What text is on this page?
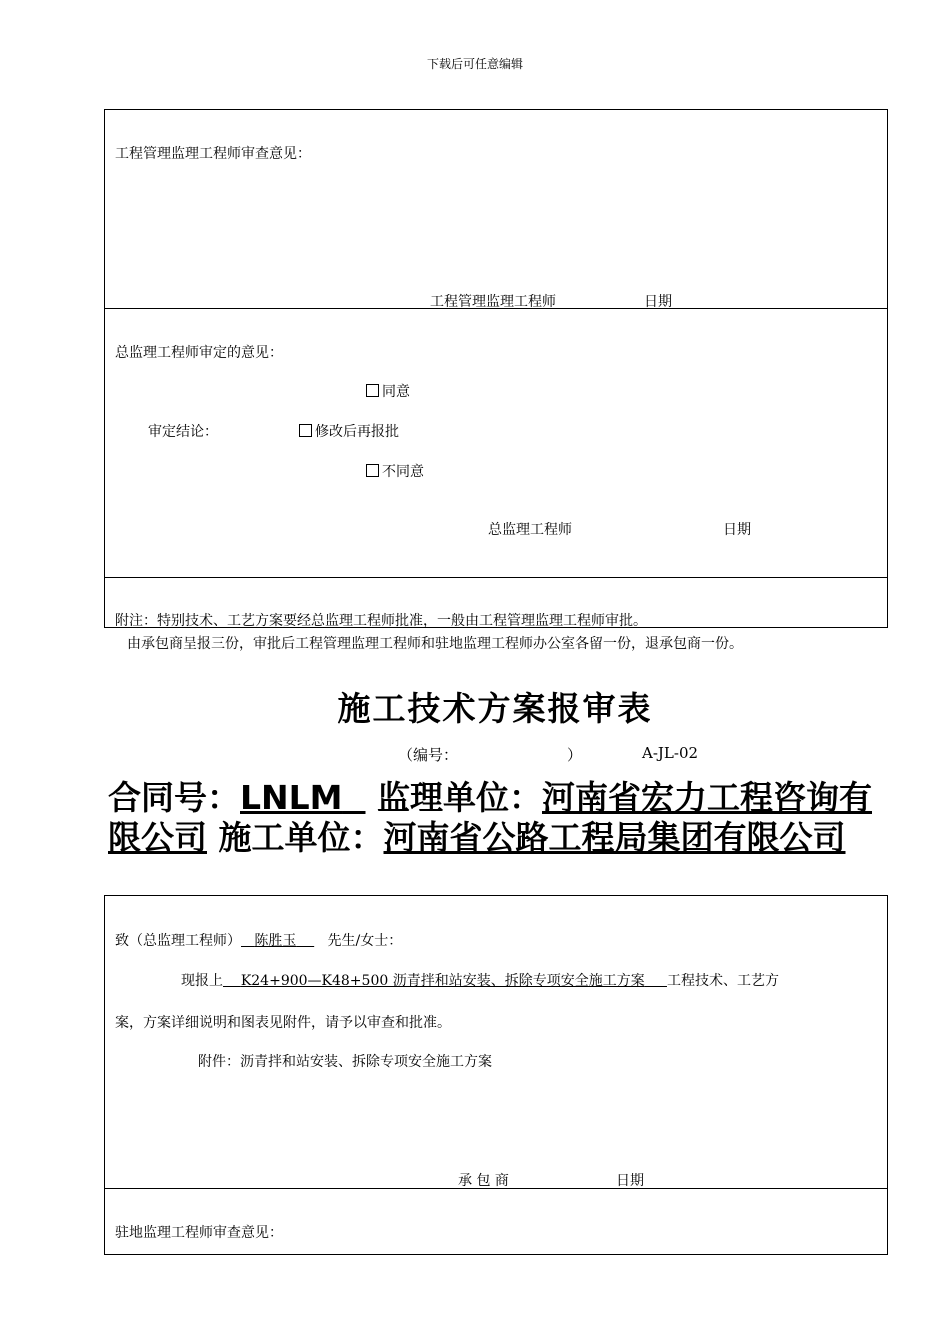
下载后可任意编辑
工程管理监理工程师审查意见：
工程管理监理工程师	日期
总监理工程师审定的意见：
同意
审定结论：	修改后再报批
不同意
总监理工程师	日期
附注：特别技术、工艺方案要经总监理工程师批准，一般由工程管理监理工程师审批。
由承包商呈报三份，审批后工程管理监理工程师和驻地监理工程师办公室各留一份，退承包商一份。
施工技术方案报审表
（编号：	）	A-JL-02
合同号：LNLM 监理单位：河南省宏力工程咨询有限公司 施工单位：河南省公路工程局集团有限公司
致（总监理工程师） 陈胜玉 先生/女士：
现报上 K24+900—K48+500 沥青拌和站安装、拆除专项安全施工方案 工程技术、工艺方
案，方案详细说明和图表见附件，请予以审查和批准。
附件：沥青拌和站安装、拆除专项安全施工方案
承 包 商	日期
驻地监理工程师审查意见：
